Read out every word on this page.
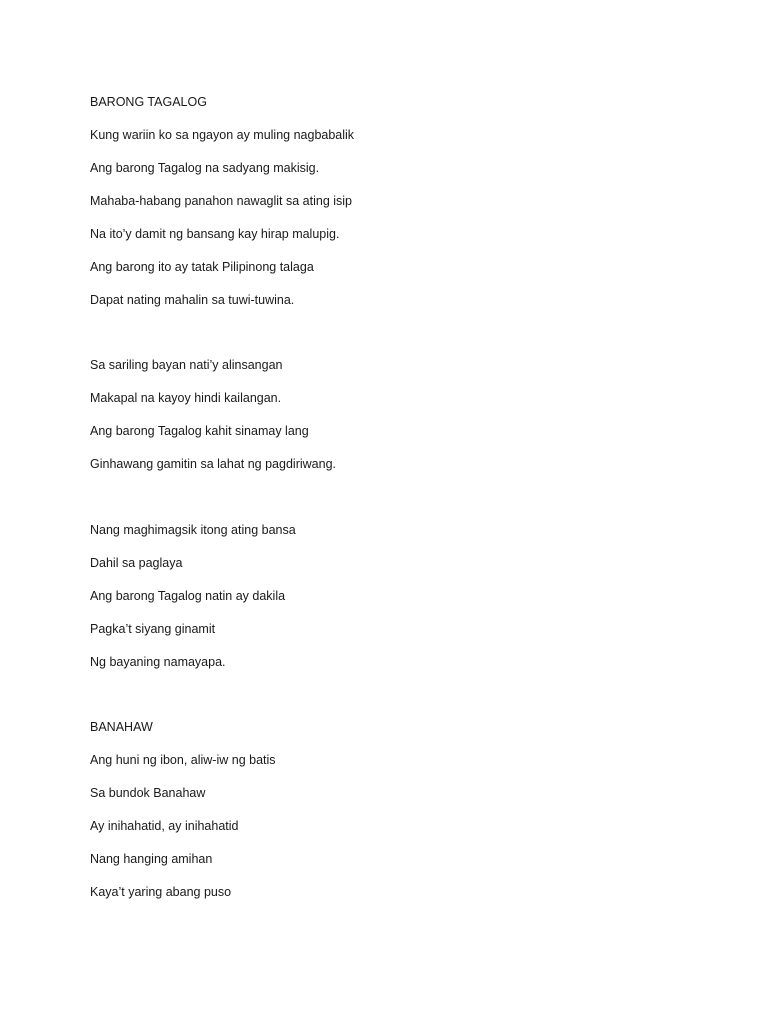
BARONG TAGALOG

Kung wariin ko sa ngayon ay muling nagbabalik

Ang barong Tagalog na sadyang makisig.

Mahaba-habang panahon nawaglit sa ating isip

Na ito’y damit ng bansang kay hirap malupig.

Ang barong ito ay tatak Pilipinong talaga

Dapat nating mahalin sa tuwi-tuwina.

Sa sariling bayan nati’y alinsangan

Makapal na kayoy hindi kailangan.

Ang barong Tagalog kahit sinamay lang

Ginhawang gamitin sa lahat ng pagdiriwang.

Nang maghimagsik itong ating bansa

Dahil sa paglaya

Ang barong Tagalog natin ay dakila

Pagka’t siyang ginamit

Ng bayaning namayapa.

BANAHAW

Ang huni ng ibon, aliw-iw ng batis

Sa bundok Banahaw

Ay inihahatid, ay inihahatid

Nang hanging amihan

Kaya’t yaring abang puso
